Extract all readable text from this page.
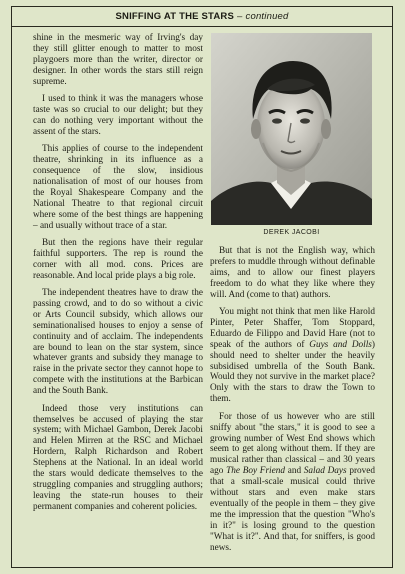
SNIFFING AT THE STARS – continued

shine in the mesmeric way of Irving's day they still glitter enough to matter to most playgoers more than the writer, director or designer. In other words the stars still reign supreme.

I used to think it was the managers whose taste was so crucial to our delight; but they can do nothing very important without the assent of the stars.

This applies of course to the independent theatre, shrinking in its influence as a consequence of the slow, insidious nationalisation of most of our houses from the Royal Shakespeare Company and the National Theatre to that regional circuit where some of the best things are happening – and usually without trace of a star.

But then the regions have their regular faithful supporters. The rep is round the corner with all mod. cons. Prices are reasonable. And local pride plays a big role.

The independent theatres have to draw the passing crowd, and to do so without a civic or Arts Council subsidy, which allows our seminationalised houses to enjoy a sense of continuity and of acclaim. The independents are bound to lean on the star system, since whatever grants and subsidy they manage to raise in the private sector they cannot hope to compete with the institutions at the Barbican and the South Bank.

Indeed those very institutions can themselves be accused of playing the star system; with Michael Gambon, Derek Jacobi and Helen Mirren at the RSC and Michael Hordern, Ralph Richardson and Robert Stephens at the National. In an ideal world the stars would dedicate themselves to the struggling companies and struggling authors; leaving the state-run houses to their permanent companies and coherent policies.

DEREK JACOBI

But that is not the English way, which prefers to muddle through without definable aims, and to allow our finest players freedom to do what they like where they will. And (come to that) authors.

You might not think that men like Harold Pinter, Peter Shaffer, Tom Stoppard, Eduardo de Filippo and David Hare (not to speak of the authors of Guys and Dolls) should need to shelter under the heavily subsidised umbrella of the South Bank. Would they not survive in the market place? Only with the stars to draw the Town to them.

For those of us however who are still sniffy about "the stars," it is good to see a growing number of West End shows which seem to get along without them. If they are musical rather than classical – and 30 years ago The Boy Friend and Salad Days proved that a small-scale musical could thrive without stars and even make stars eventually of the people in them – they give me the impression that the question "Who's in it?" is losing ground to the question "What is it?". And that, for sniffers, is good news.
